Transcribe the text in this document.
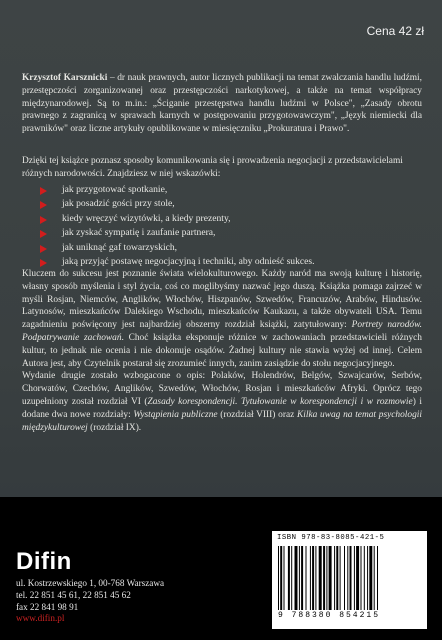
Cena 42 zł
Krzysztof Karsznicki – dr nauk prawnych, autor licznych publikacji na temat zwalczania handlu ludźmi, przestępczości zorganizowanej oraz przestępczości narkotykowej, a także na temat współpracy międzynarodowej. Są to m.in.: „Ściganie przestępstwa handlu ludźmi w Polsce", „Zasady obrotu prawnego z zagranicą w sprawach karnych w postępowaniu przygotowawczym", „Język niemiecki dla prawników" oraz liczne artykuły opublikowane w miesięczniku „Prokuratura i Prawo".
Dzięki tej książce poznasz sposoby komunikowania się i prowadzenia negocjacji z przedstawicielami różnych narodowości. Znajdziesz w niej wskazówki:
jak przygotować spotkanie,
jak posadzić gości przy stole,
kiedy wręczyć wizytówki, a kiedy prezenty,
jak zyskać sympatię i zaufanie partnera,
jak uniknąć gaf towarzyskich,
jaką przyjąć postawę negocjacyjną i techniki, aby odnieść sukces.

Kluczem do sukcesu jest poznanie świata wielokulturowego. Każdy naród ma swoją kulturę i historię, własny sposób myślenia i styl życia, coś co moglibyśmy nazwać jego duszą. Książka pomaga zajrzeć w myśli Rosjan, Niemców, Anglików, Włochów, Hiszpanów, Szwedów, Francuzów, Arabów, Hindusów. Latynosów, mieszkańców Dalekiego Wschodu, mieszkańców Kaukazu, a także obywateli USA. Temu zagadnieniu poświęcony jest najbardziej obszerny rozdział książki, zatytułowany: Portrety narodów. Podpatrywanie zachowań. Choć książka eksponuje różnice w zachowaniach przedstawicieli różnych kultur, to jednak nie ocenia i nie dokonuje osądów. Żadnej kultury nie stawia wyżej od innej. Celem Autora jest, aby Czytelnik postarał się zrozumieć innych, zanim zasiądzie do stołu negocjacyjnego.

Wydanie drugie zostało wzbogacone o opis: Polaków, Holendrów, Belgów, Szwajcarów, Serbów, Chorwatów, Czechów, Anglików, Szwedów, Włochów, Rosjan i mieszkańców Afryki. Oprócz tego uzupełniony został rozdział VI (Zasady korespondencji. Tytułowanie w korespondencji i w rozmowie) i dodane dwa nowe rozdziały: Wystąpienia publiczne (rozdział VIII) oraz Kilka uwag na temat psychologii międzykulturowej (rozdział IX).

Difin
ul. Kostrzewskiego 1, 00-768 Warszawa
tel. 22 851 45 61, 22 851 45 62
fax 22 841 98 91
www.difin.pl
ISBN 978-83-8085-421-5
9 788380 854215
